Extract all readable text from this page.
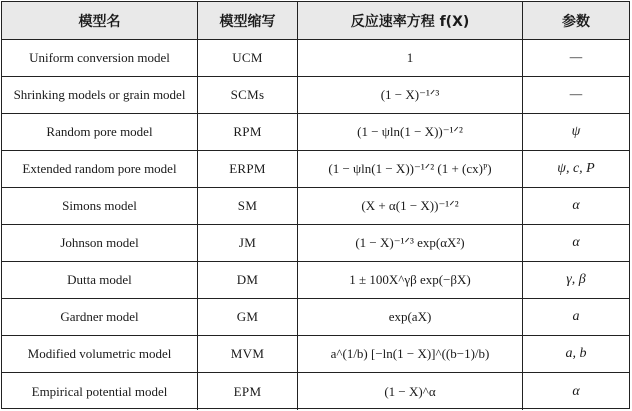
模型名	模型缩写	反应速率方程 f(X)	参数
Uniform conversion model	UCM	1	—
Shrinking models or grain model	SCMs	(1 − X)⁻¹ᐟ³	—
Random pore model	RPM	(1 − ψln(1 − X))⁻¹ᐟ²	ψ
Extended random pore model	ERPM	(1 − ψln(1 − X))⁻¹ᐟ² (1 + (cx)ᴾ)	ψ, c, P
Simons model	SM	(X + α(1 − X))⁻¹ᐟ²	α
Johnson model	JM	(1 − X)⁻¹ᐟ³ exp(αX²)	α
Dutta model	DM	1 ± 100X^γβ exp(−βX)	γ, β
Gardner model	GM	exp(aX)	a
Modified volumetric model	MVM	a^(1/b) [−ln(1 − X)]^((b−1)/b)	a, b
Empirical potential model	EPM	(1 − X)^α	α
